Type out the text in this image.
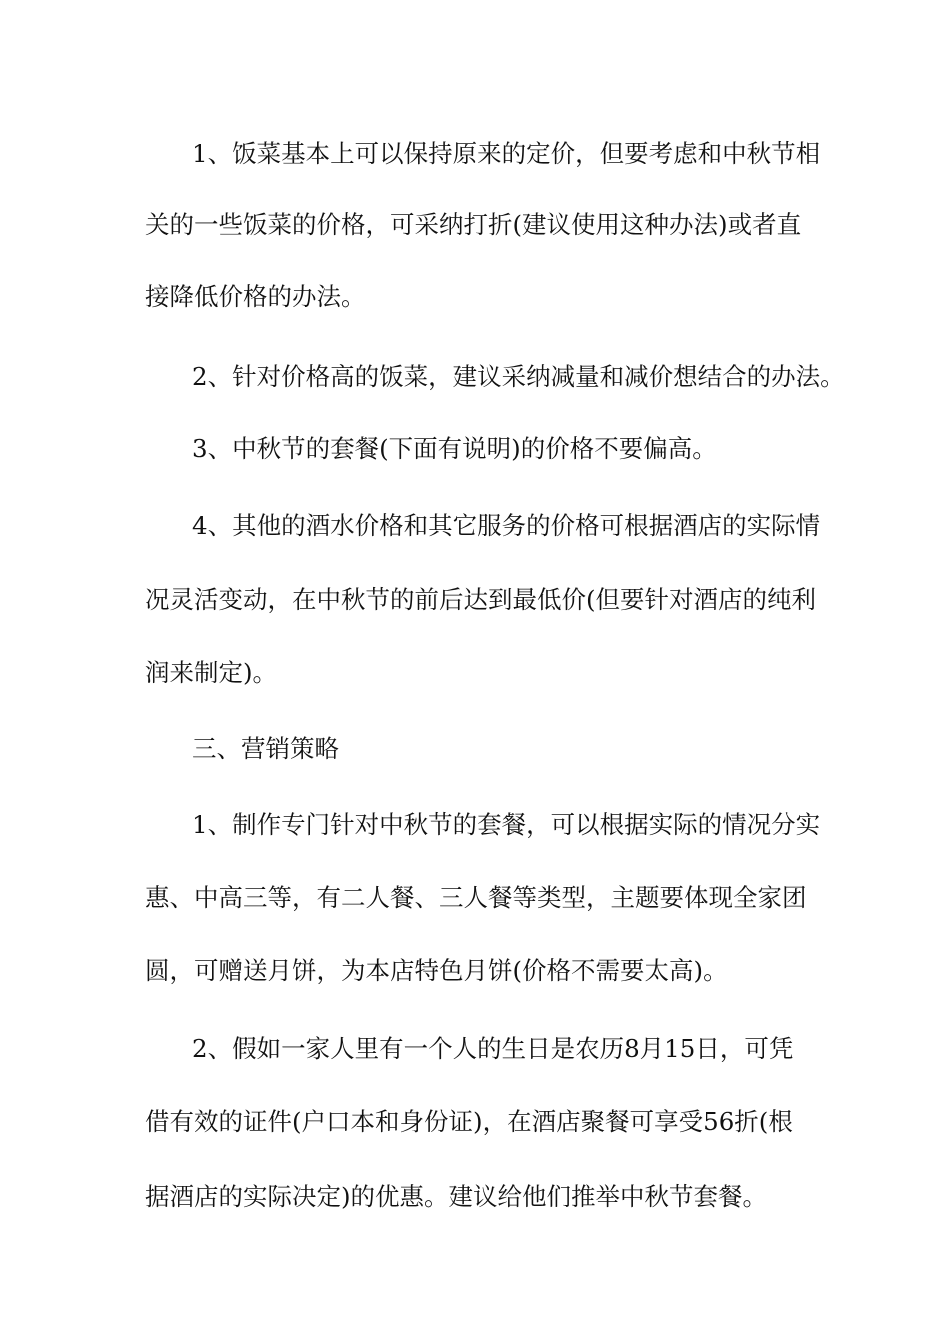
1、饭菜基本上可以保持原来的定价，但要考虑和中秋节相

关的一些饭菜的价格，可采纳打折(建议使用这种办法)或者直

接降低价格的办法。

2、针对价格高的饭菜，建议采纳减量和减价想结合的办法。

3、中秋节的套餐(下面有说明)的价格不要偏高。

4、其他的酒水价格和其它服务的价格可根据酒店的实际情

况灵活变动，在中秋节的前后达到最低价(但要针对酒店的纯利

润来制定)。

三、营销策略

1、制作专门针对中秋节的套餐，可以根据实际的情况分实

惠、中高三等，有二人餐、三人餐等类型，主题要体现全家团

圆，可赠送月饼，为本店特色月饼(价格不需要太高)。

2、假如一家人里有一个人的生日是农历8月15日，可凭

借有效的证件(户口本和身份证)，在酒店聚餐可享受56折(根

据酒店的实际决定)的优惠。建议给他们推举中秋节套餐。
